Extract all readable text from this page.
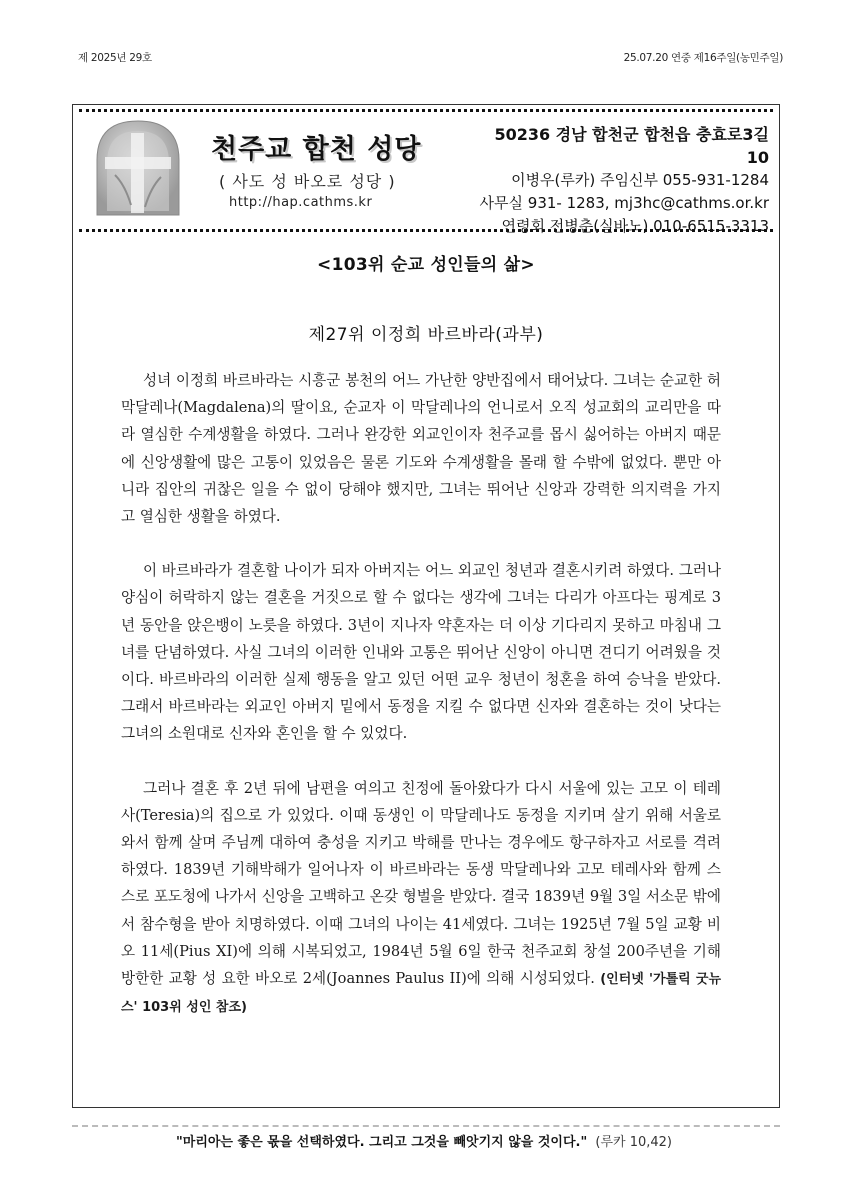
제 2025년 29호	25.07.20 연중 제16주일(농민주일)
천주교 합천 성당
( 사도 성 바오로 성당 )
http://hap.cathms.kr
50236 경남 합천군 합천읍 충효로3길 10
이병우(루카) 주임신부 055-931-1284
사무실 931- 1283, mj3hc@cathms.or.kr
연령회 전병춘(실바노) 010-6515-3313
<103위 순교 성인들의 삶>
제27위 이정희 바르바라(과부)

성녀 이정희 바르바라는 시흥군 봉천의 어느 가난한 양반집에서 태어났다. 그녀는 순교한 허 막달레나(Magdalena)의 딸이요, 순교자 이 막달레나의 언니로서 오직 성교회의 교리만을 따라 열심한 수계생활을 하였다. 그러나 완강한 외교인이자 천주교를 몹시 싫어하는 아버지 때문에 신앙생활에 많은 고통이 있었음은 물론 기도와 수계생활을 몰래 할 수밖에 없었다. 뿐만 아니라 집안의 귀찮은 일을 수 없이 당해야 했지만, 그녀는 뛰어난 신앙과 강력한 의지력을 가지고 열심한 생활을 하였다.

이 바르바라가 결혼할 나이가 되자 아버지는 어느 외교인 청년과 결혼시키려 하였다. 그러나 양심이 허락하지 않는 결혼을 거짓으로 할 수 없다는 생각에 그녀는 다리가 아프다는 핑계로 3년 동안을 앉은뱅이 노릇을 하였다. 3년이 지나자 약혼자는 더 이상 기다리지 못하고 마침내 그녀를 단념하였다. 사실 그녀의 이러한 인내와 고통은 뛰어난 신앙이 아니면 견디기 어려웠을 것이다. 바르바라의 이러한 실제 행동을 알고 있던 어떤 교우 청년이 청혼을 하여 승낙을 받았다. 그래서 바르바라는 외교인 아버지 밑에서 동정을 지킬 수 없다면 신자와 결혼하는 것이 낫다는 그녀의 소원대로 신자와 혼인을 할 수 있었다.

그러나 결혼 후 2년 뒤에 남편을 여의고 친정에 돌아왔다가 다시 서울에 있는 고모 이 테레사(Teresia)의 집으로 가 있었다. 이때 동생인 이 막달레나도 동정을 지키며 살기 위해 서울로 와서 함께 살며 주님께 대하여 충성을 지키고 박해를 만나는 경우에도 항구하자고 서로를 격려하였다. 1839년 기해박해가 일어나자 이 바르바라는 동생 막달레나와 고모 테레사와 함께 스스로 포도청에 나가서 신앙을 고백하고 온갖 형벌을 받았다. 결국 1839년 9월 3일 서소문 밖에서 참수형을 받아 치명하였다. 이때 그녀의 나이는 41세였다. 그녀는 1925년 7월 5일 교황 비오 11세(Pius XI)에 의해 시복되었고, 1984년 5월 6일 한국 천주교회 창설 200주년을 기해 방한한 교황 성 요한 바오로 2세(Joannes Paulus II)에 의해 시성되었다. (인터넷 '가톨릭 굿뉴스' 103위 성인 참조)

"마리아는 좋은 몫을 선택하였다. 그리고 그것을 빼앗기지 않을 것이다." (루카 10,42)
